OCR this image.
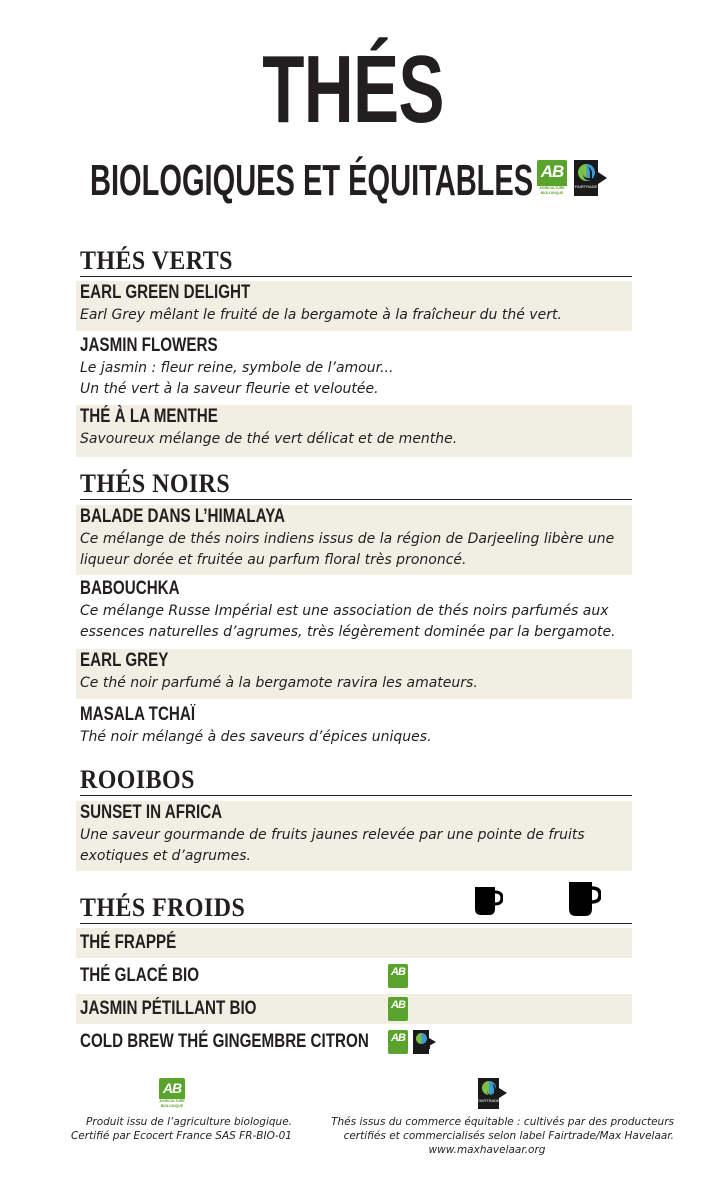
THÉS
BIOLOGIQUES ET ÉQUITABLES AB
AGRICULTURE BIOLOGIQUE
FAIRTRADE
THÉS VERTS
EARL GREEN DELIGHT
Earl Grey mêlant le fruité de la bergamote à la fraîcheur du thé vert.
JASMIN FLOWERS
Le jasmin : fleur reine, symbole de l’amour...
Un thé vert à la saveur fleurie et veloutée.
THÉ À LA MENTHE
Savoureux mélange de thé vert délicat et de menthe.
THÉS NOIRS
BALADE DANS L’HIMALAYA
Ce mélange de thés noirs indiens issus de la région de Darjeeling libère une
liqueur dorée et fruitée au parfum floral très prononcé.
BABOUCHKA
Ce mélange Russe Impérial est une association de thés noirs parfumés aux
essences naturelles d’agrumes, très légèrement dominée par la bergamote.
EARL GREY
Ce thé noir parfumé à la bergamote ravira les amateurs.
MASALA TCHAÏ
Thé noir mélangé à des saveurs d’épices uniques.
ROOIBOS
SUNSET IN AFRICA
Une saveur gourmande de fruits jaunes relevée par une pointe de fruits
exotiques et d’agrumes.
THÉS FROIDS
THÉ FRAPPÉ
THÉ GLACÉ BIO
JASMIN PÉTILLANT BIO
COLD BREW THÉ GINGEMBRE CITRON
AB
AB
AB
AB
AGRICULTURE BIOLOGIQUE
FAIRTRADE
Produit issu de l’agriculture biologique.
Certifié par Ecocert France SAS FR-BIO-01
Thés issus du commerce équitable : cultivés par des producteurs
certifiés et commercialisés selon label Fairtrade/Max Havelaar.
www.maxhavelaar.org
